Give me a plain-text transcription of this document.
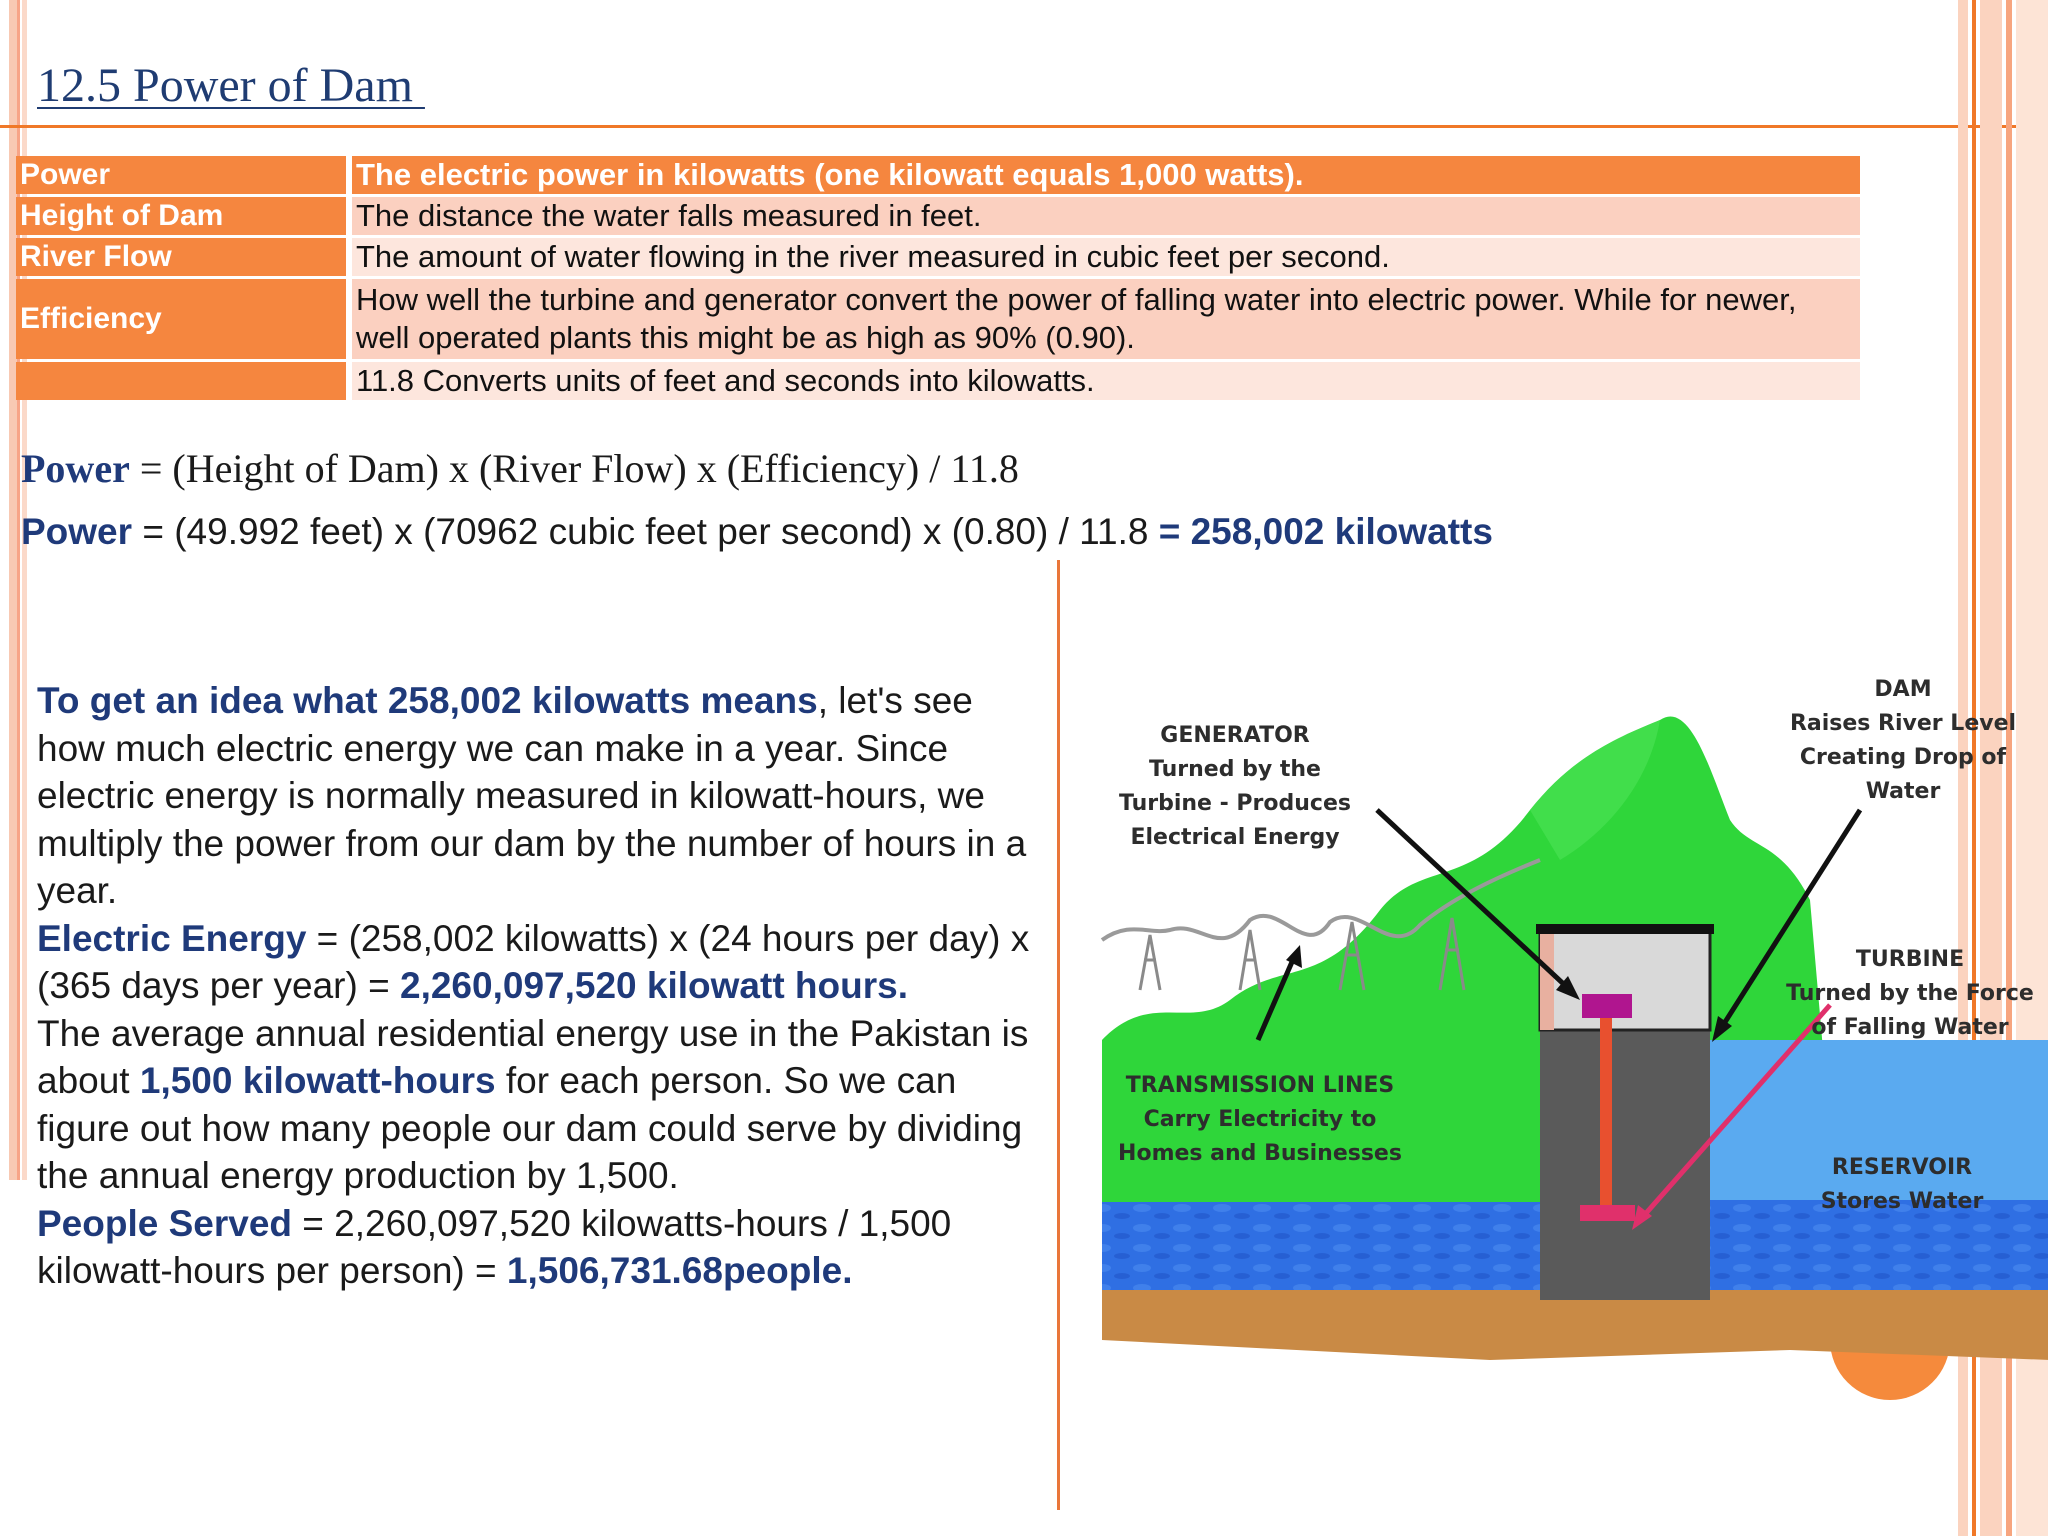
12.5 Power of Dam
Power	The electric power in kilowatts (one kilowatt equals 1,000 watts).
Height of Dam	The distance the water falls measured in feet.
River Flow	The amount of water flowing in the river measured in cubic feet per second.
Efficiency	How well the turbine and generator convert the power of falling water into electric power. While for newer, well operated plants this might be as high as 90% (0.90).
	11.8 Converts units of feet and seconds into kilowatts.
Power = (Height of Dam) x (River Flow) x (Efficiency) / 11.8
Power = (49.992 feet) x (70962 cubic feet per second) x (0.80) / 11.8 = 258,002 kilowatts
To get an idea what 258,002 kilowatts means, let's see how much electric energy we can make in a year. Since electric energy is normally measured in kilowatt-hours, we multiply the power from our dam by the number of hours in a year.
Electric Energy = (258,002 kilowatts) x (24 hours per day) x (365 days per year) = 2,260,097,520 kilowatt hours.
The average annual residential energy use in the Pakistan is about 1,500 kilowatt-hours for each person. So we can figure out how many people our dam could serve by dividing the annual energy production by 1,500.
People Served = 2,260,097,520 kilowatts-hours / 1,500 kilowatt-hours per person) = 1,506,731.68people.
GENERATOR
Turned by the
Turbine - Produces
Electrical Energy
DAM
Raises River Level
Creating Drop of
Water
TURBINE
Turned by the Force
of Falling Water
TRANSMISSION LINES
Carry Electricity to
Homes and Businesses
RESERVOIR
Stores Water
